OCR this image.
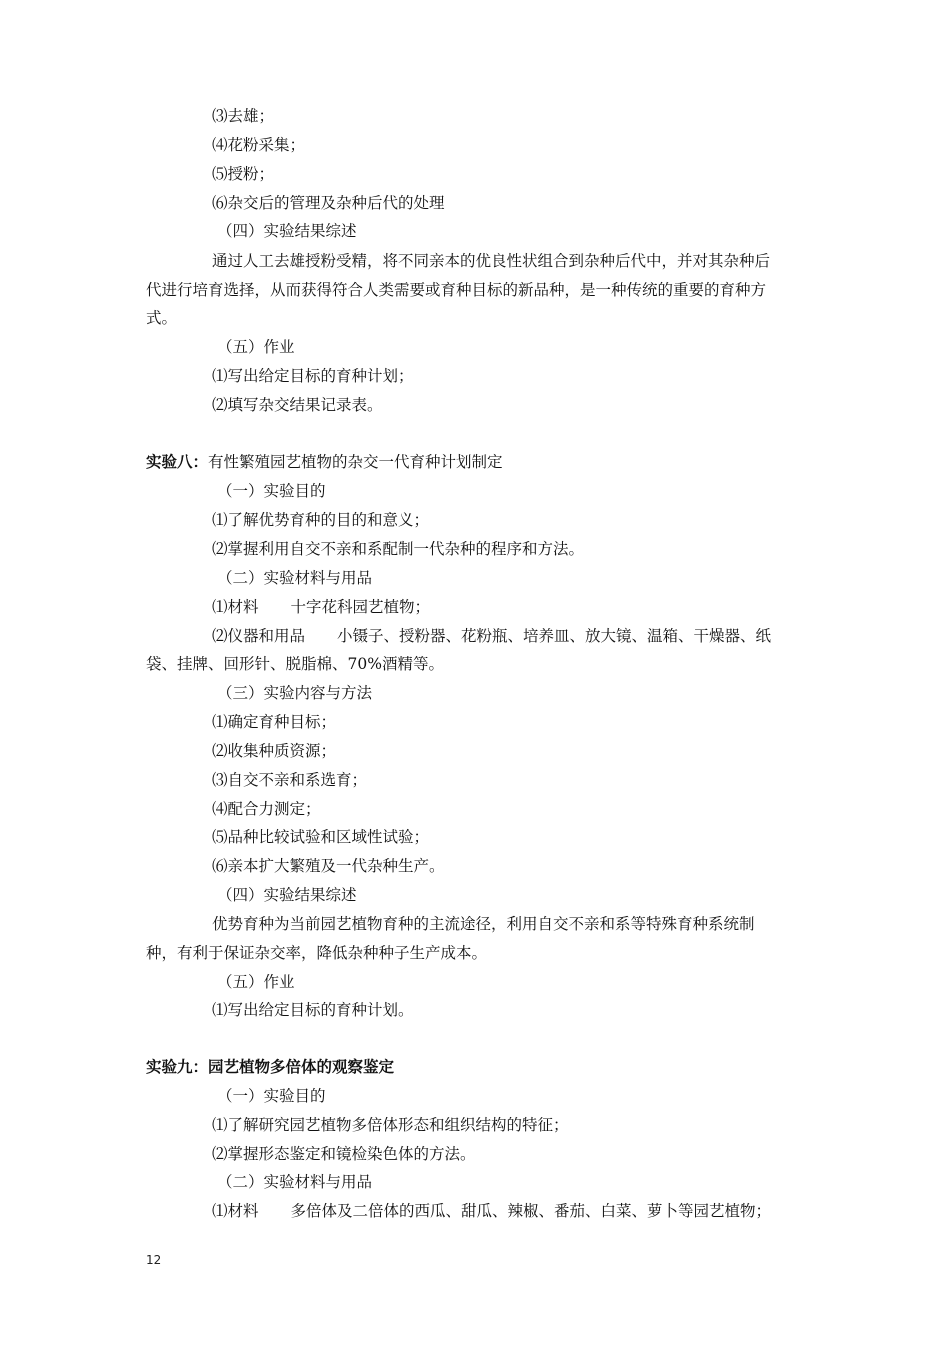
⑶去雄；
⑷花粉采集；
⑸授粉；
⑹杂交后的管理及杂种后代的处理
（四）实验结果综述
通过人工去雄授粉受精，将不同亲本的优良性状组合到杂种后代中，并对其杂种后
代进行培育选择，从而获得符合人类需要或育种目标的新品种，是一种传统的重要的育种方
式。
（五）作业
⑴写出给定目标的育种计划；
⑵填写杂交结果记录表。
实验八：有性繁殖园艺植物的杂交一代育种计划制定
（一）实验目的
⑴了解优势育种的目的和意义；
⑵掌握利用自交不亲和系配制一代杂种的程序和方法。
（二）实验材料与用品
⑴材料 十字花科园艺植物；
⑵仪器和用品 小镊子、授粉器、花粉瓶、培养皿、放大镜、温箱、干燥器、纸
袋、挂牌、回形针、脱脂棉、70%酒精等。
（三）实验内容与方法
⑴确定育种目标；
⑵收集种质资源；
⑶自交不亲和系选育；
⑷配合力测定；
⑸品种比较试验和区域性试验；
⑹亲本扩大繁殖及一代杂种生产。
（四）实验结果综述
优势育种为当前园艺植物育种的主流途径，利用自交不亲和系等特殊育种系统制
种，有利于保证杂交率，降低杂种种子生产成本。
（五）作业
⑴写出给定目标的育种计划。
实验九：园艺植物多倍体的观察鉴定
（一）实验目的
⑴了解研究园艺植物多倍体形态和组织结构的特征；
⑵掌握形态鉴定和镜检染色体的方法。
（二）实验材料与用品
⑴材料 多倍体及二倍体的西瓜、甜瓜、辣椒、番茄、白菜、萝卜等园艺植物；
12
